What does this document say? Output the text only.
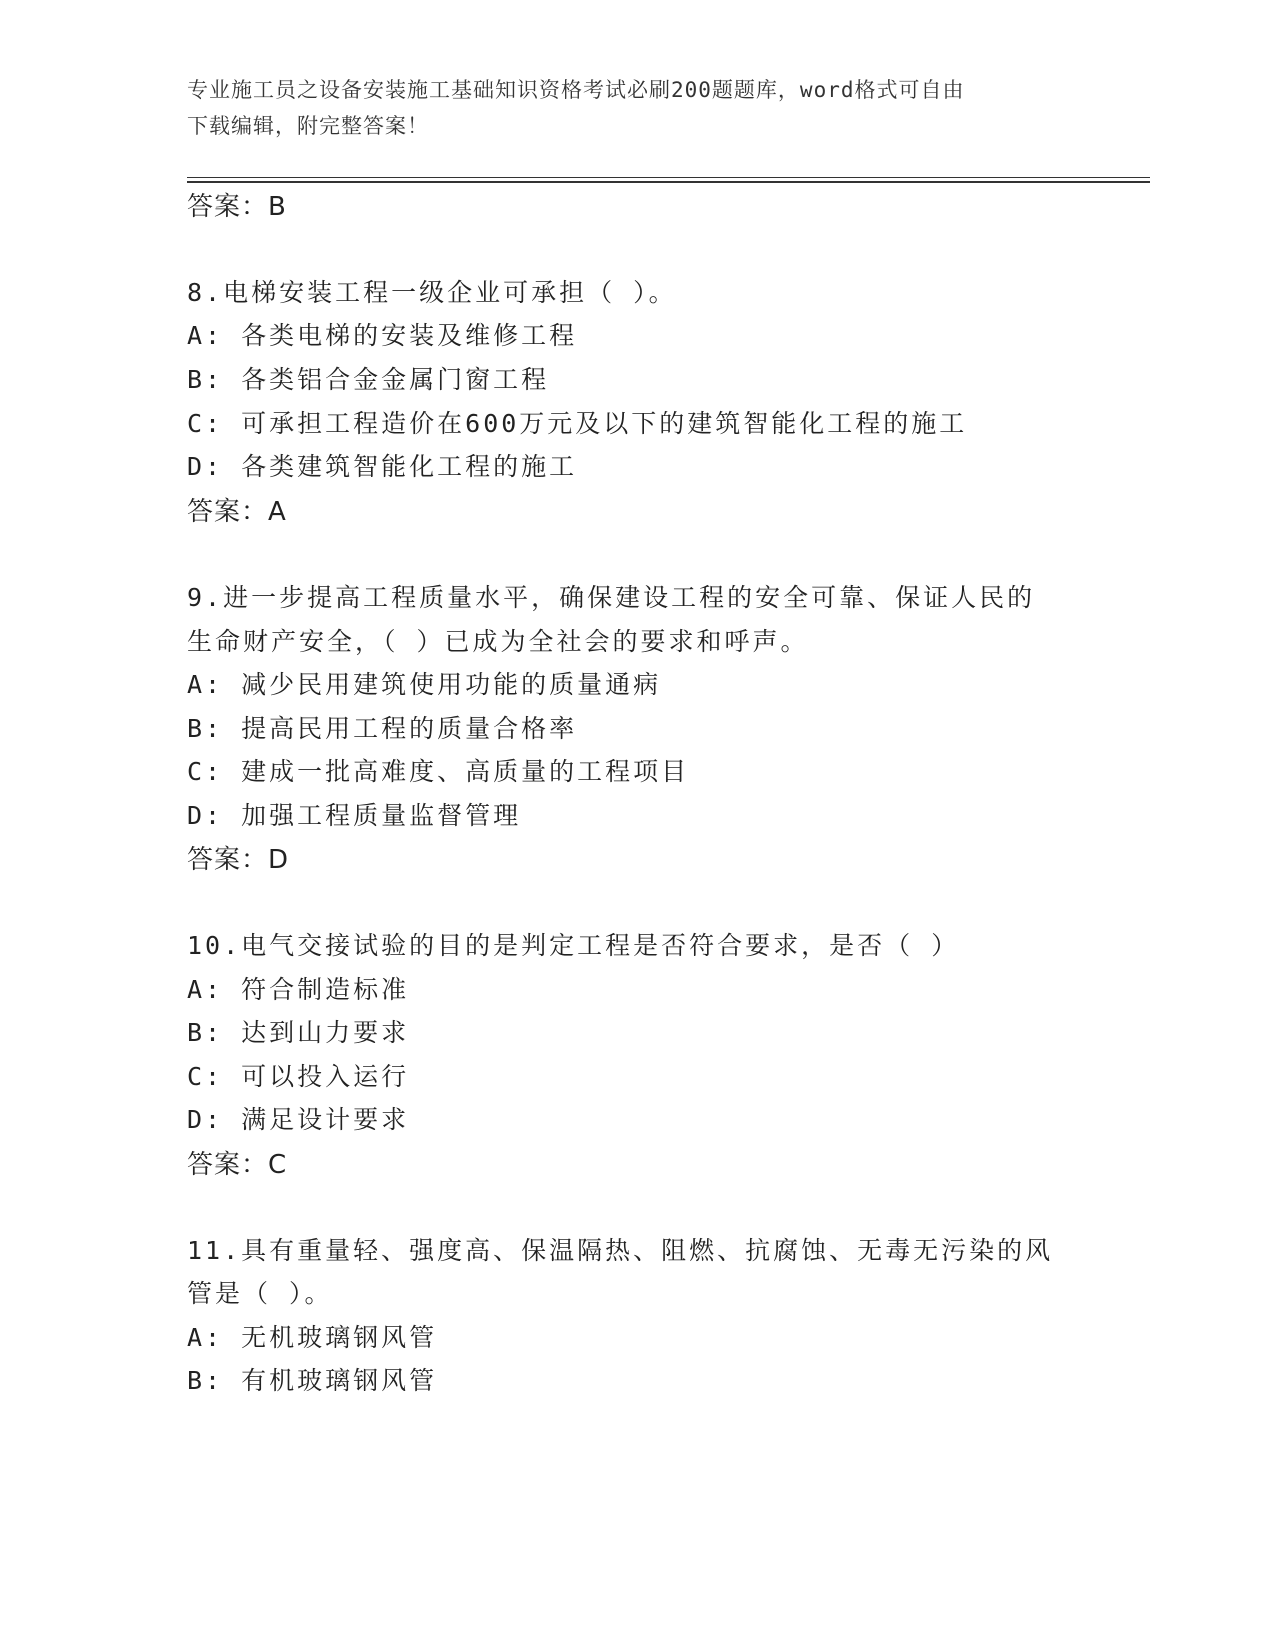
专业施工员之设备安装施工基础知识资格考试必刷200题题库，word格式可自由
下载编辑，附完整答案！
答案：B
8.电梯安装工程一级企业可承担（ ）。
A: 各类电梯的安装及维修工程
B: 各类铝合金金属门窗工程
C: 可承担工程造价在600万元及以下的建筑智能化工程的施工
D: 各类建筑智能化工程的施工
答案：A
9.进一步提高工程质量水平，确保建设工程的安全可靠、保证人民的
生命财产安全，（ ）已成为全社会的要求和呼声。
A: 减少民用建筑使用功能的质量通病
B: 提高民用工程的质量合格率
C: 建成一批高难度、高质量的工程项目
D: 加强工程质量监督管理
答案：D
10.电气交接试验的目的是判定工程是否符合要求，是否（ ）
A: 符合制造标准
B: 达到山力要求
C: 可以投入运行
D: 满足设计要求
答案：C
11.具有重量轻、强度高、保温隔热、阻燃、抗腐蚀、无毒无污染的风
管是（ ）。
A: 无机玻璃钢风管
B: 有机玻璃钢风管
